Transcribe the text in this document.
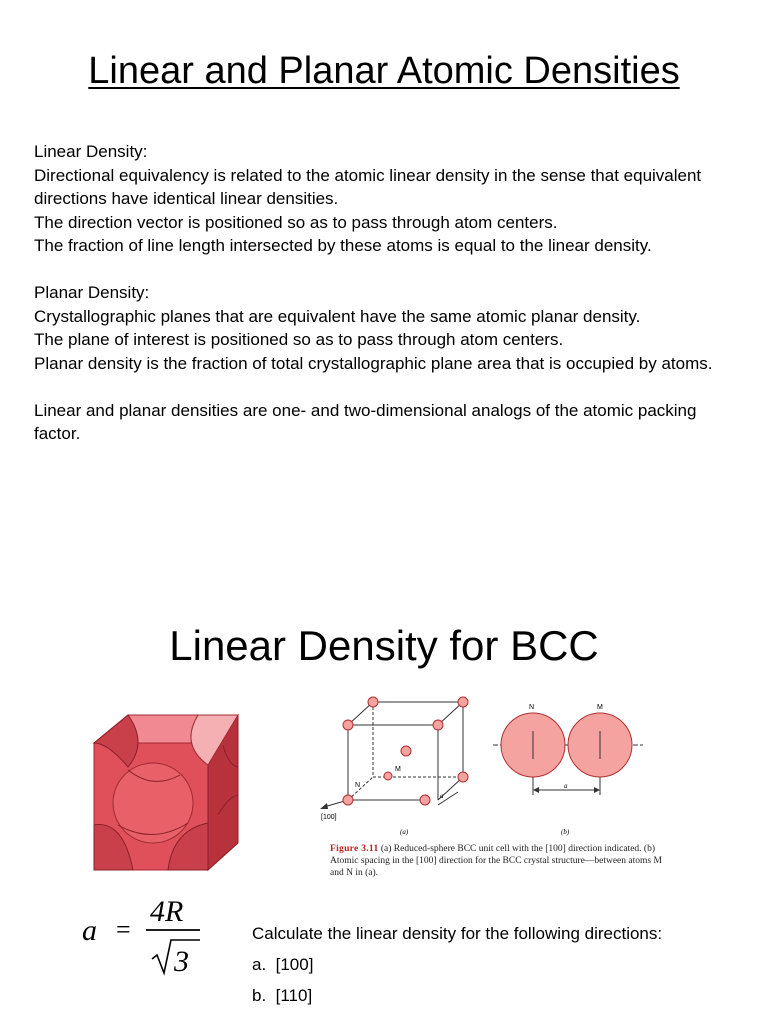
Linear and Planar Atomic Densities

Linear Density:

Directional equivalency is related to the atomic linear density in the sense that equivalent directions have identical linear densities.

The direction vector is positioned so as to pass through atom centers.

The fraction of line length intersected by these atoms is equal to the linear density.

Planar Density:

Crystallographic planes that are equivalent have the same atomic planar density.

The plane of interest is positioned so as to pass through atom centers.

Planar density is the fraction of total crystallographic plane area that is occupied by atoms.

Linear and planar densities are one- and two-dimensional analogs of the atomic packing factor.

Linear Density for BCC
M
N
[100]
a
N	M
a
(a)	(b)
Figure 3.11 (a) Reduced-sphere BCC unit cell with the [100] direction indicated. (b) Atomic spacing in the [100] direction for the BCC crystal structure—between atoms M and N in (a).
a =
4R
3
Calculate the linear density for the following directions:
a.  [100]
b.  [110]
